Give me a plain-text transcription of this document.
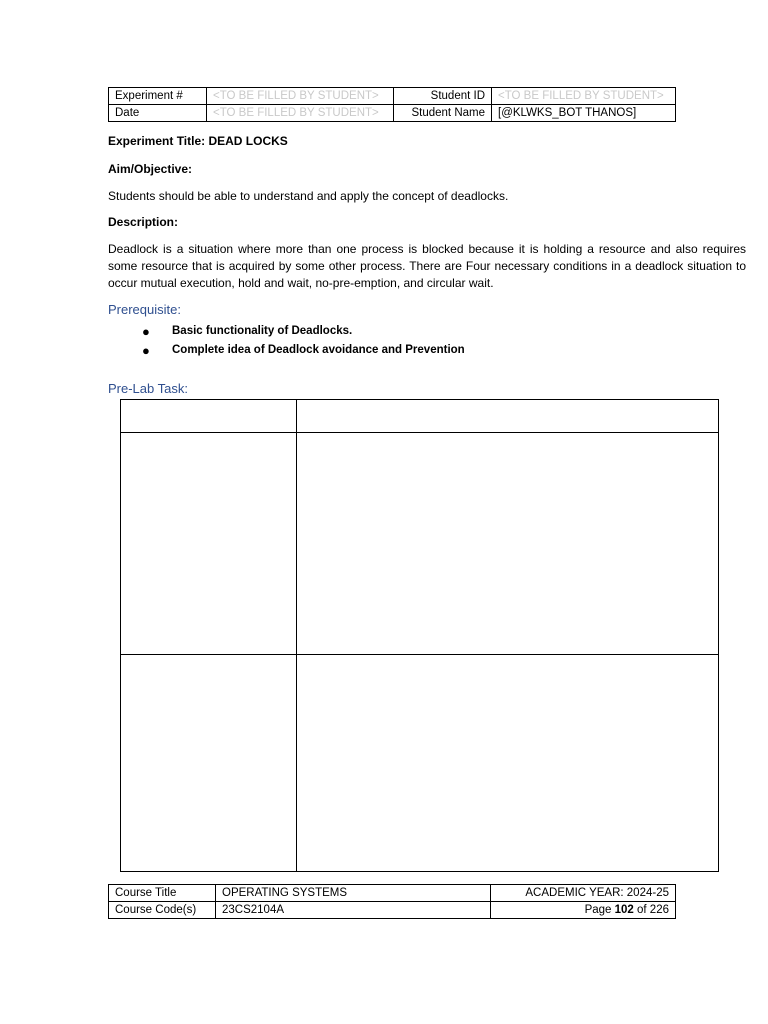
Experiment #	<TO BE FILLED BY STUDENT>	Student ID	<TO BE FILLED BY STUDENT>
Date	<TO BE FILLED BY STUDENT>	Student Name	[@KLWKS_BOT THANOS]
Experiment Title: DEAD LOCKS
Aim/Objective:
Students should be able to understand and apply the concept of deadlocks.
Description:
Deadlock is a situation where more than one process is blocked because it is holding a resource and also requires some resource that is acquired by some other process. There are Four necessary conditions in a deadlock situation to occur mutual execution, hold and wait, no-pre-emption, and circular wait.
Prerequisite:
● Basic functionality of Deadlocks.
● Complete idea of Deadlock avoidance and Prevention
Pre-Lab Task:
Course Title	OPERATING SYSTEMS	ACADEMIC YEAR: 2024-25
Course Code(s)	23CS2104A	Page 102 of 226
